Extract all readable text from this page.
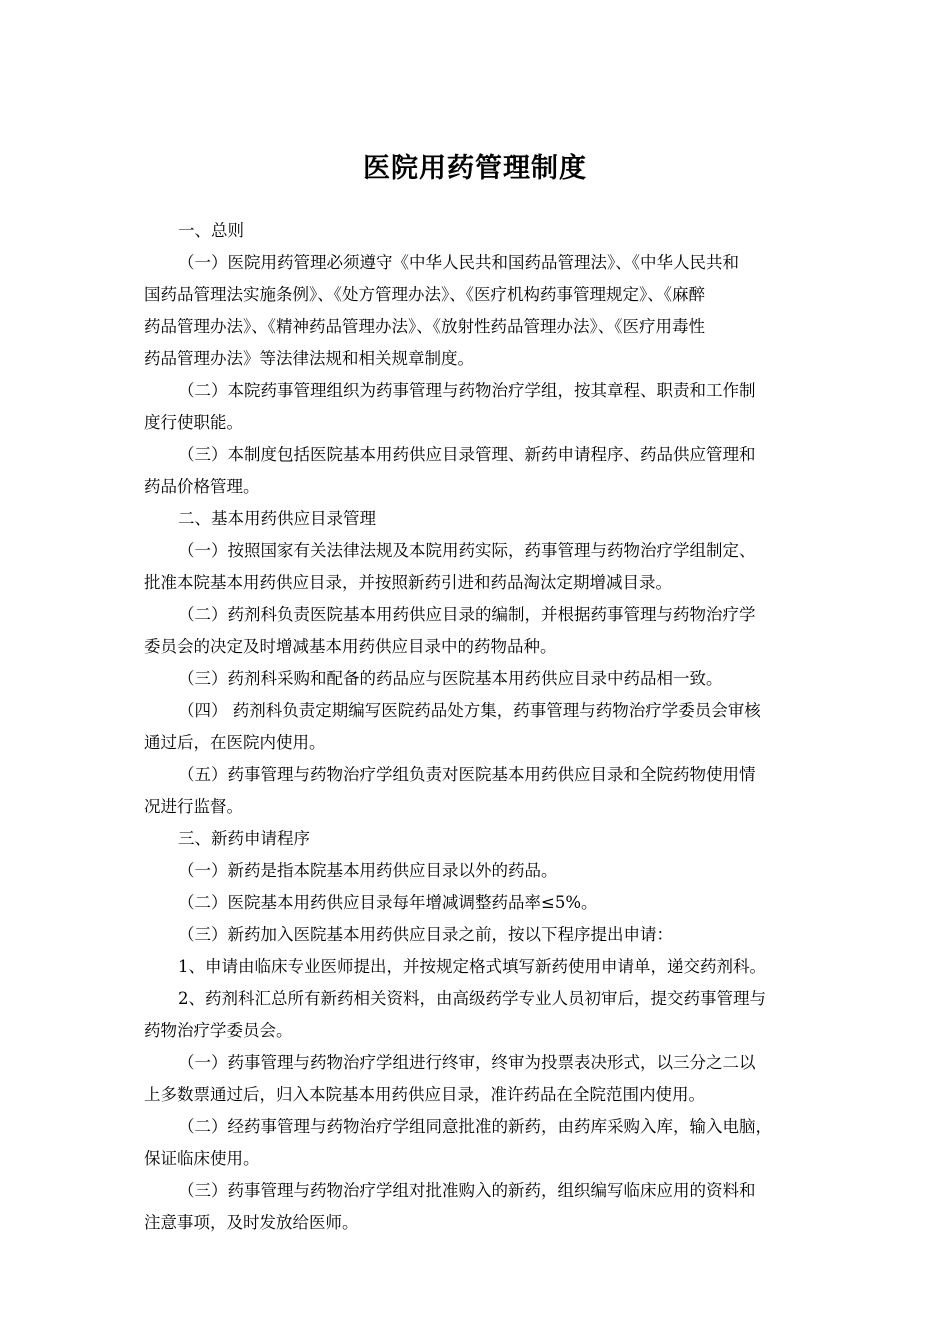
医院用药管理制度
一、总则
（一）医院用药管理必须遵守《中华人民共和国药品管理法》、《中华人民共和
国药品管理法实施条例》、《处方管理办法》、《医疗机构药事管理规定》、《麻醉
药品管理办法》、《精神药品管理办法》、《放射性药品管理办法》、《医疗用毒性
药品管理办法》等法律法规和相关规章制度。
（二）本院药事管理组织为药事管理与药物治疗学组，按其章程、职责和工作制
度行使职能。
（三）本制度包括医院基本用药供应目录管理、新药申请程序、药品供应管理和
药品价格管理。
二、基本用药供应目录管理
（一）按照国家有关法律法规及本院用药实际，药事管理与药物治疗学组制定、
批准本院基本用药供应目录，并按照新药引进和药品淘汰定期增减目录。
（二）药剂科负责医院基本用药供应目录的编制，并根据药事管理与药物治疗学
委员会的决定及时增减基本用药供应目录中的药物品种。
（三）药剂科采购和配备的药品应与医院基本用药供应目录中药品相一致。
（四） 药剂科负责定期编写医院药品处方集，药事管理与药物治疗学委员会审核
通过后，在医院内使用。
（五）药事管理与药物治疗学组负责对医院基本用药供应目录和全院药物使用情
况进行监督。
三、新药申请程序
（一）新药是指本院基本用药供应目录以外的药品。
（二）医院基本用药供应目录每年增减调整药品率≤5%。
（三）新药加入医院基本用药供应目录之前，按以下程序提出申请：
1、申请由临床专业医师提出，并按规定格式填写新药使用申请单，递交药剂科。
2、药剂科汇总所有新药相关资料，由高级药学专业人员初审后，提交药事管理与
药物治疗学委员会。
（一）药事管理与药物治疗学组进行终审，终审为投票表决形式，以三分之二以
上多数票通过后，归入本院基本用药供应目录，准许药品在全院范围内使用。
（二）经药事管理与药物治疗学组同意批准的新药，由药库采购入库，输入电脑，
保证临床使用。
（三）药事管理与药物治疗学组对批准购入的新药，组织编写临床应用的资料和
注意事项，及时发放给医师。
